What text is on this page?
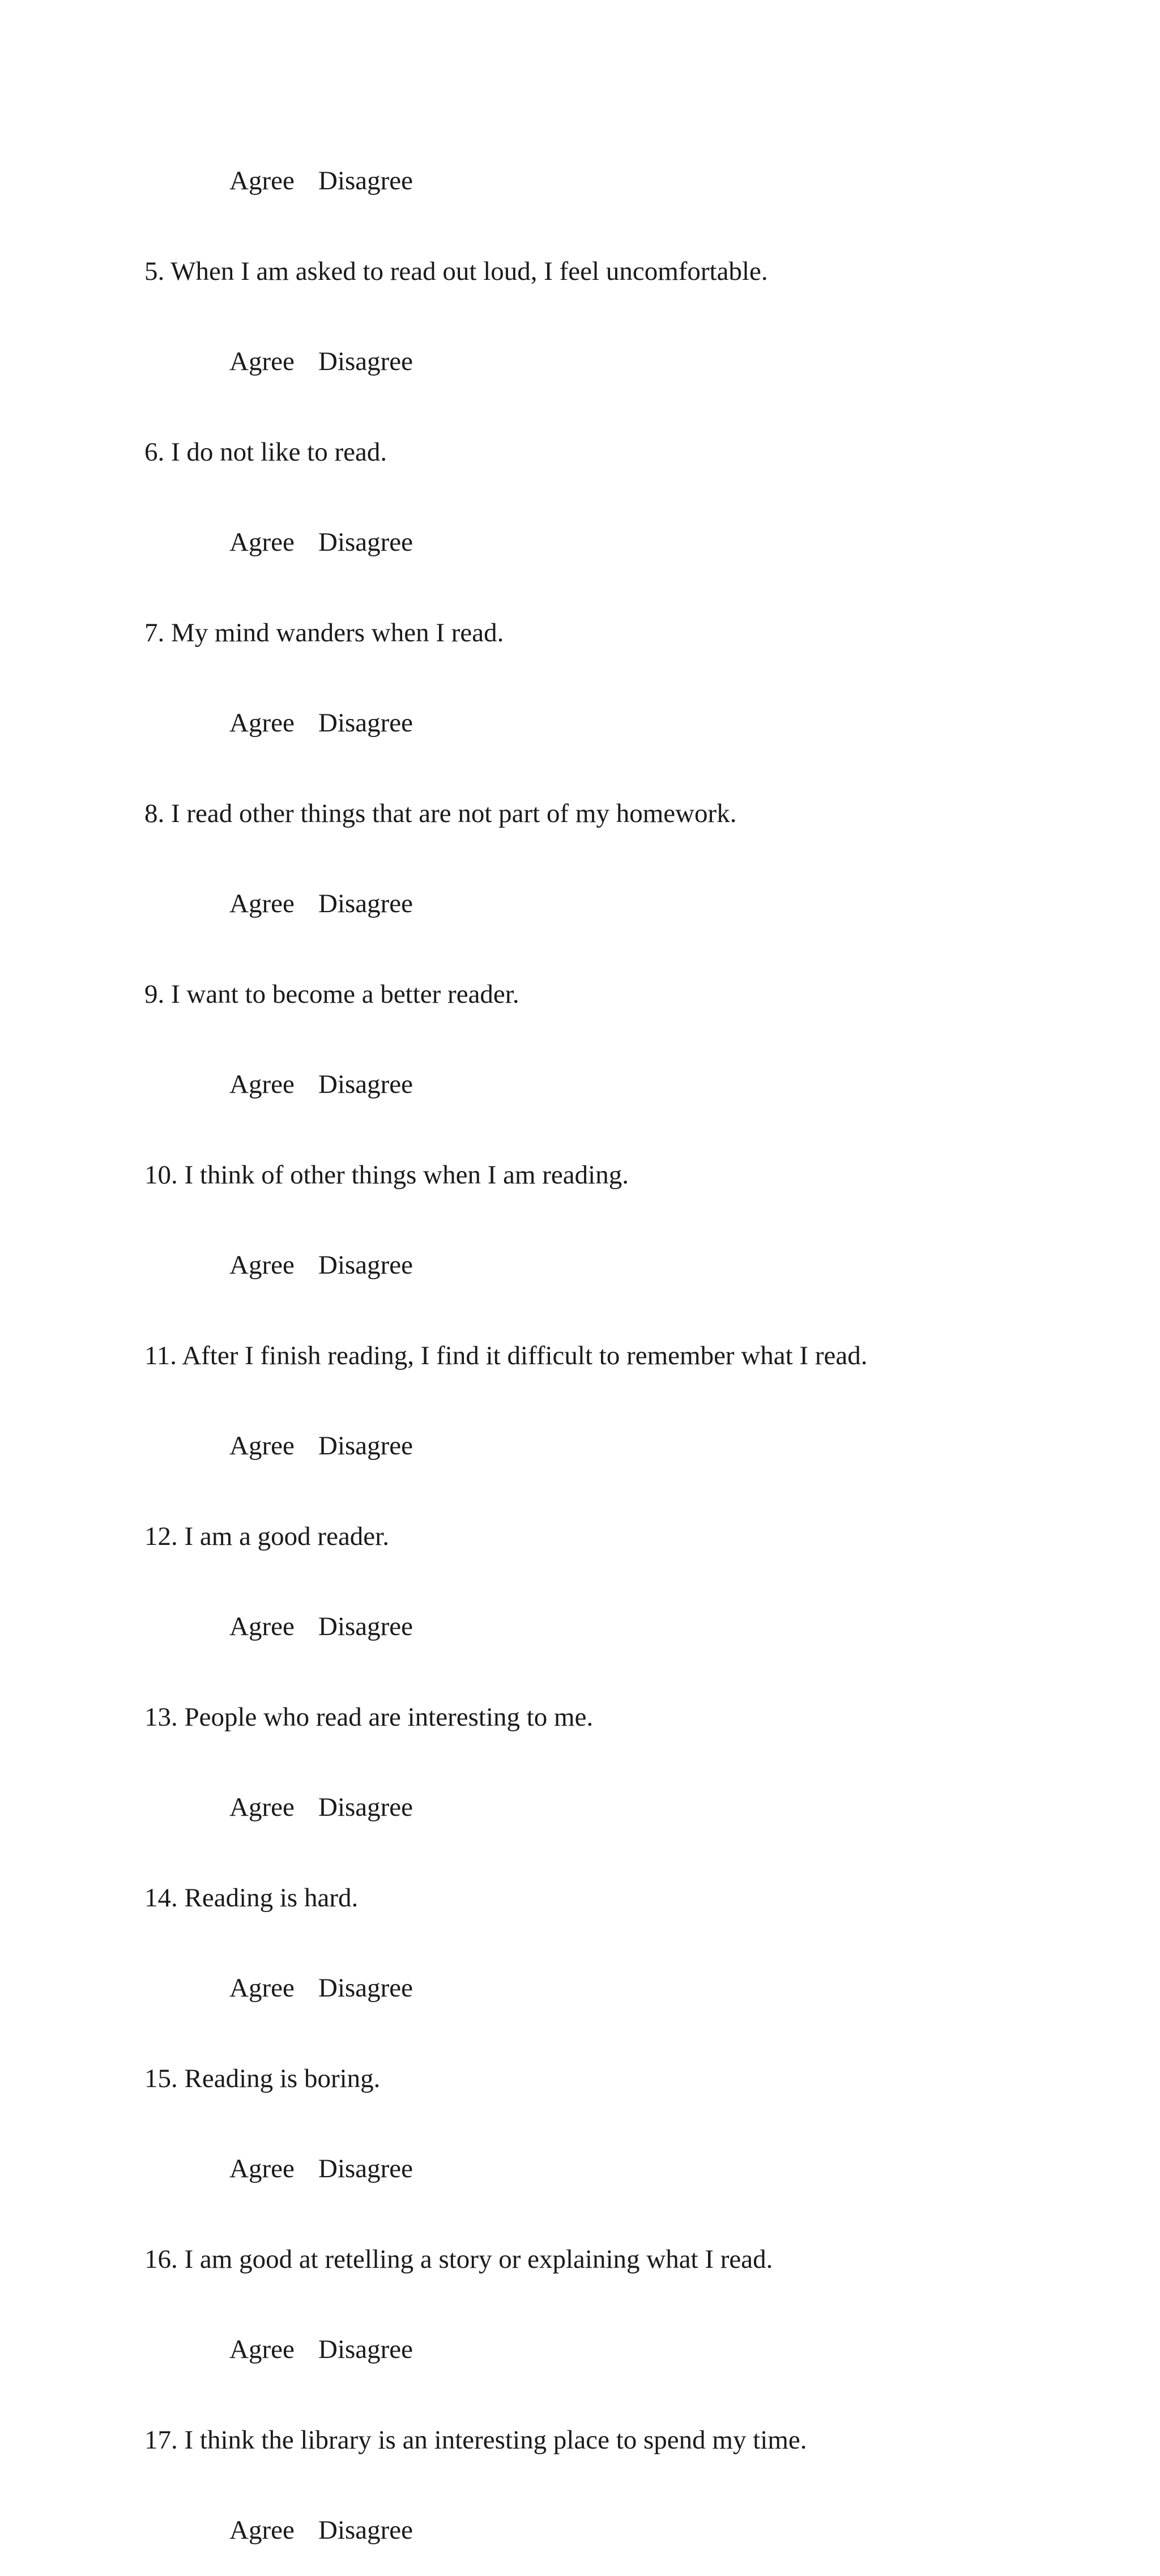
Agree Disagree
5. When I am asked to read out loud, I feel uncomfortable.
Agree Disagree
6. I do not like to read.
Agree Disagree
7. My mind wanders when I read.
Agree Disagree
8. I read other things that are not part of my homework.
Agree Disagree
9. I want to become a better reader.
Agree Disagree
10. I think of other things when I am reading.
Agree Disagree
11. After I finish reading, I find it difficult to remember what I read.
Agree Disagree
12. I am a good reader.
Agree Disagree
13. People who read are interesting to me.
Agree Disagree
14. Reading is hard.
Agree Disagree
15. Reading is boring.
Agree Disagree
16. I am good at retelling a story or explaining what I read.
Agree Disagree
17. I think the library is an interesting place to spend my time.
Agree Disagree
